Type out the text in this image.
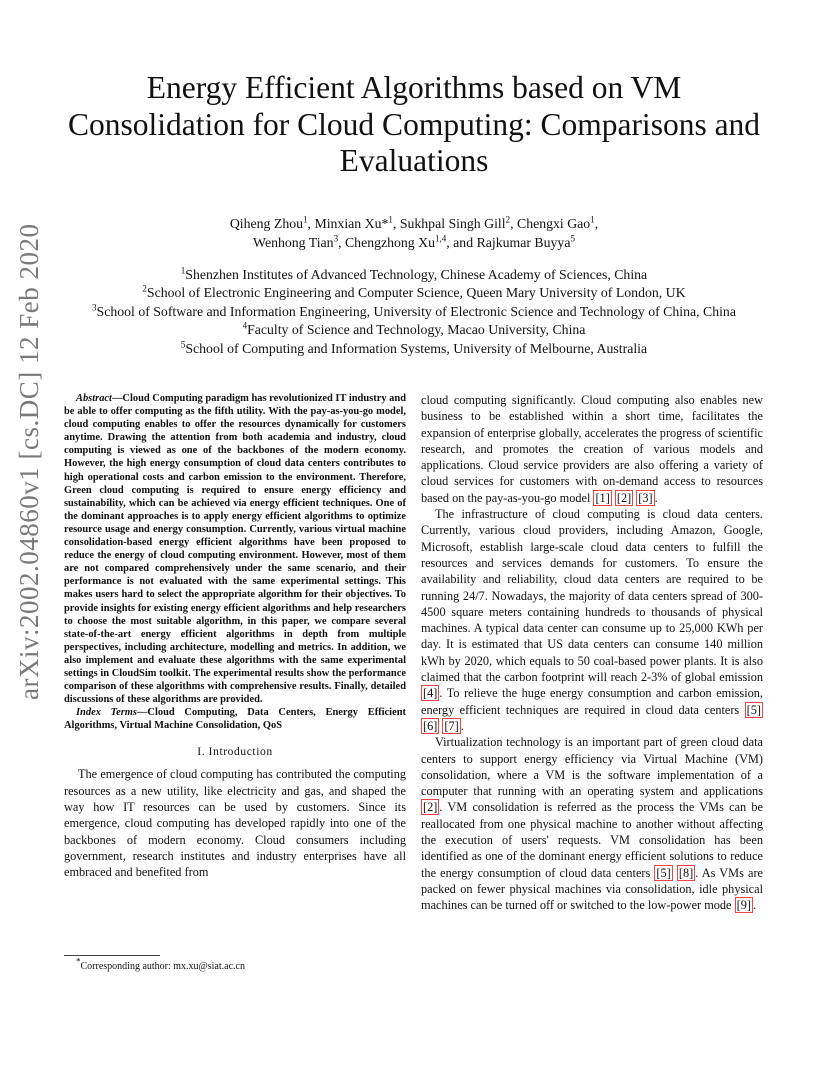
arXiv:2002.04860v1 [cs.DC] 12 Feb 2020
Energy Efficient Algorithms based on VM Consolidation for Cloud Computing: Comparisons and Evaluations
Qiheng Zhou$^1$, Minxian Xu*$^1$, Sukhpal Singh Gill$^2$, Chengxi Gao$^1$,
Wenhong Tian$^3$, Chengzhong Xu$^{1,4}$, and Rajkumar Buyya$^5$
$^1$Shenzhen Institutes of Advanced Technology, Chinese Academy of Sciences, China
$^2$School of Electronic Engineering and Computer Science, Queen Mary University of London, UK
$^3$School of Software and Information Engineering, University of Electronic Science and Technology of China, China
$^4$Faculty of Science and Technology, Macao University, China
$^5$School of Computing and Information Systems, University of Melbourne, Australia

Abstract—Cloud Computing paradigm has revolutionized IT industry and be able to offer computing as the fifth utility. With the pay-as-you-go model, cloud computing enables to offer the resources dynamically for customers anytime. Drawing the attention from both academia and industry, cloud computing is viewed as one of the backbones of the modern economy. However, the high energy consumption of cloud data centers contributes to high operational costs and carbon emission to the environment. Therefore, Green cloud computing is required to ensure energy efficiency and sustainability, which can be achieved via energy efficient techniques. One of the dominant approaches is to apply energy efficient algorithms to optimize resource usage and energy consumption. Currently, various virtual machine consolidation-based energy efficient algorithms have been proposed to reduce the energy of cloud computing environment. However, most of them are not compared comprehensively under the same scenario, and their performance is not evaluated with the same experimental settings. This makes users hard to select the appropriate algorithm for their objectives. To provide insights for existing energy efficient algorithms and help researchers to choose the most suitable algorithm, in this paper, we compare several state-of-the-art energy efficient algorithms in depth from multiple perspectives, including architecture, modelling and metrics. In addition, we also implement and evaluate these algorithms with the same experimental settings in CloudSim toolkit. The experimental results show the performance comparison of these algorithms with comprehensive results. Finally, detailed discussions of these algorithms are provided.

Index Terms—Cloud Computing, Data Centers, Energy Efficient Algorithms, Virtual Machine Consolidation, QoS

I. Introduction

The emergence of cloud computing has contributed the computing resources as a new utility, like electricity and gas, and shaped the way how IT resources can be used by customers. Since its emergence, cloud computing has developed rapidly into one of the backbones of modern economy. Cloud consumers including government, research institutes and industry enterprises have all embraced and benefited from

cloud computing significantly. Cloud computing also enables new business to be established within a short time, facilitates the expansion of enterprise globally, accelerates the progress of scientific research, and promotes the creation of various models and applications. Cloud service providers are also offering a variety of cloud services for customers with on-demand access to resources based on the pay-as-you-go model [1] [2] [3] .

The infrastructure of cloud computing is cloud data centers. Currently, various cloud providers, including Amazon, Google, Microsoft, establish large-scale cloud data centers to fulfill the resources and services demands for customers. To ensure the availability and reliability, cloud data centers are required to be running 24/7. Nowadays, the majority of data centers spread of 300-4500 square meters containing hundreds to thousands of physical machines. A typical data center can consume up to 25,000 KWh per day. It is estimated that US data centers can consume 140 million kWh by 2020, which equals to 50 coal-based power plants. It is also claimed that the carbon footprint will reach 2-3% of global emission [4] . To relieve the huge energy consumption and carbon emission, energy efficient techniques are required in cloud data centers [5] [6] [7] .

Virtualization technology is an important part of green cloud data centers to support energy efficiency via Virtual Machine (VM) consolidation, where a VM is the software implementation of a computer that running with an operating system and applications [2] . VM consolidation is referred as the process the VMs can be reallocated from one physical machine to another without affecting the execution of users' requests. VM consolidation has been identified as one of the dominant energy efficient solutions to reduce the energy consumption of cloud data centers [5] [8] . As VMs are packed on fewer physical machines via consolidation, idle physical machines can be turned off or switched to the low-power mode [9] .

*Corresponding author: mx.xu@siat.ac.cn
